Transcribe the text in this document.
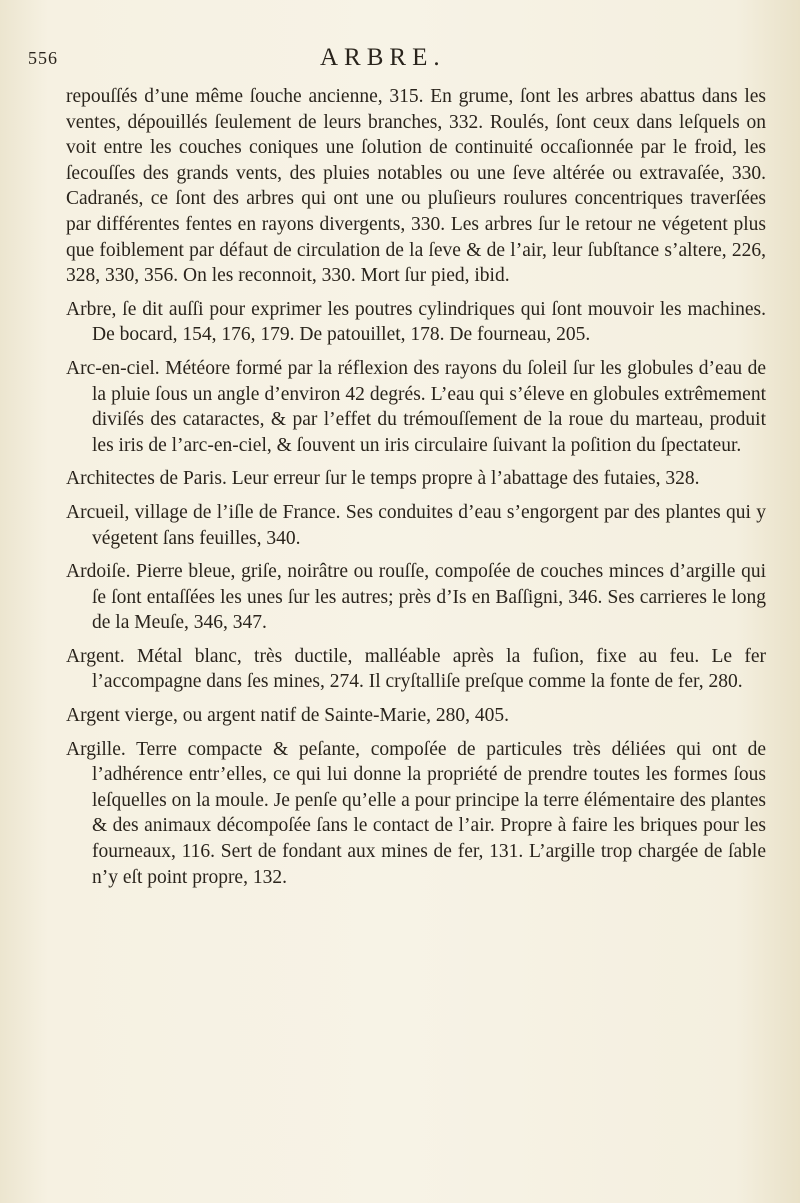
556	ARBRE.

repouſſés d’une même ſouche ancienne, 315. En grume, ſont les arbres abattus dans les ventes, dépouillés ſeulement de leurs branches, 332. Roulés, ſont ceux dans leſquels on voit entre les couches coniques une ſolution de continuité occaſionnée par le froid, les ſecouſſes des grands vents, des pluies notables ou une ſeve altérée ou extravaſée, 330. Cadranés, ce ſont des arbres qui ont une ou pluſieurs roulures concentriques traverſées par différentes fentes en rayons divergents, 330. Les arbres ſur le retour ne végetent plus que foiblement par défaut de circulation de la ſeve & de l’air, leur ſubſtance s’altere, 226, 328, 330, 356. On les reconnoit, 330. Mort ſur pied, ibid.

Arbre, ſe dit auſſi pour exprimer les poutres cylindriques qui ſont mouvoir les machines. De bocard, 154, 176, 179. De patouillet, 178. De fourneau, 205.

Arc-en-ciel. Météore formé par la réflexion des rayons du ſoleil ſur les globules d’eau de la pluie ſous un angle d’environ 42 degrés. L’eau qui s’éleve en globules extrêmement diviſés des cataractes, & par l’effet du trémouſſement de la roue du marteau, produit les iris de l’arc-en-ciel, & ſouvent un iris circulaire ſuivant la poſition du ſpectateur.

Architectes de Paris. Leur erreur ſur le temps propre à l’abattage des futaies, 328.

Arcueil, village de l’iſle de France. Ses conduites d’eau s’engorgent par des plantes qui y végetent ſans feuilles, 340.

Ardoiſe. Pierre bleue, griſe, noirâtre ou rouſſe, compoſée de couches minces d’argille qui ſe ſont entaſſées les unes ſur les autres; près d’Is en Baſſigni, 346. Ses carrieres le long de la Meuſe, 346, 347.

Argent. Métal blanc, très ductile, malléable après la fuſion, fixe au feu. Le fer l’accompagne dans ſes mines, 274. Il cryſtalliſe preſque comme la fonte de fer, 280.

Argent vierge, ou argent natif de Sainte-Marie, 280, 405.

Argille. Terre compacte & peſante, compoſée de particules très déliées qui ont de l’adhérence entr’elles, ce qui lui donne la propriété de prendre toutes les formes ſous leſquelles on la moule. Je penſe qu’elle a pour principe la terre élémentaire des plantes & des animaux décompoſée ſans le contact de l’air. Propre à faire les briques pour les fourneaux, 116. Sert de fondant aux mines de fer, 131. L’argille trop chargée de ſable n’y eſt point propre, 132.
